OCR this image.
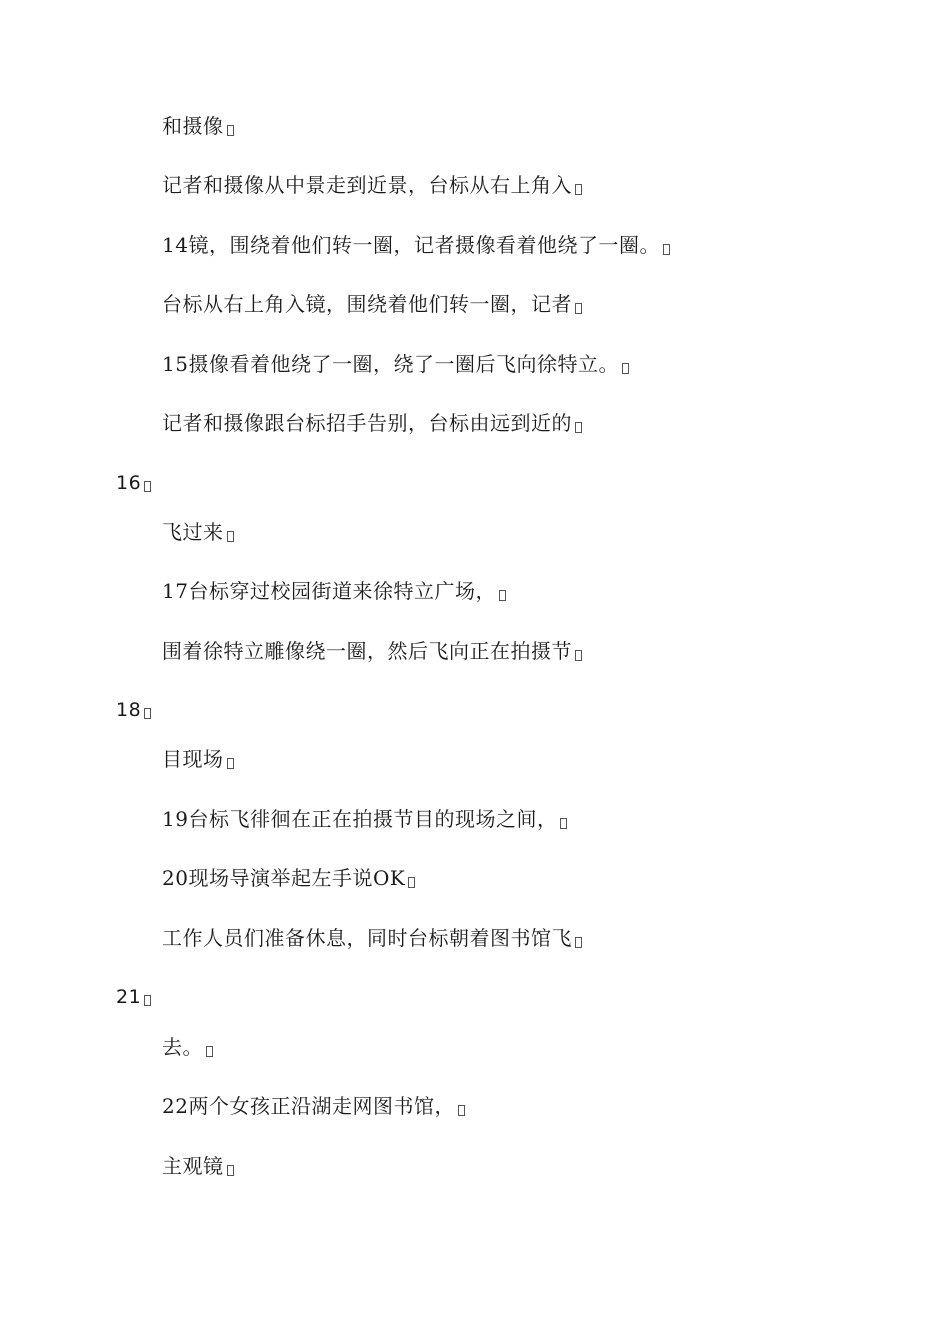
和摄像
记者和摄像从中景走到近景，台标从右上角入
14镜，围绕着他们转一圈，记者摄像看着他绕了一圈。
台标从右上角入镜，围绕着他们转一圈，记者
15摄像看着他绕了一圈，绕了一圈后飞向徐特立。
记者和摄像跟台标招手告别，台标由远到近的
16
飞过来
17台标穿过校园街道来徐特立广场，
围着徐特立雕像绕一圈，然后飞向正在拍摄节
18
目现场
19台标飞徘徊在正在拍摄节目的现场之间，
20现场导演举起左手说OK
工作人员们准备休息，同时台标朝着图书馆飞
21
去。
22两个女孩正沿湖走网图书馆，
主观镜
